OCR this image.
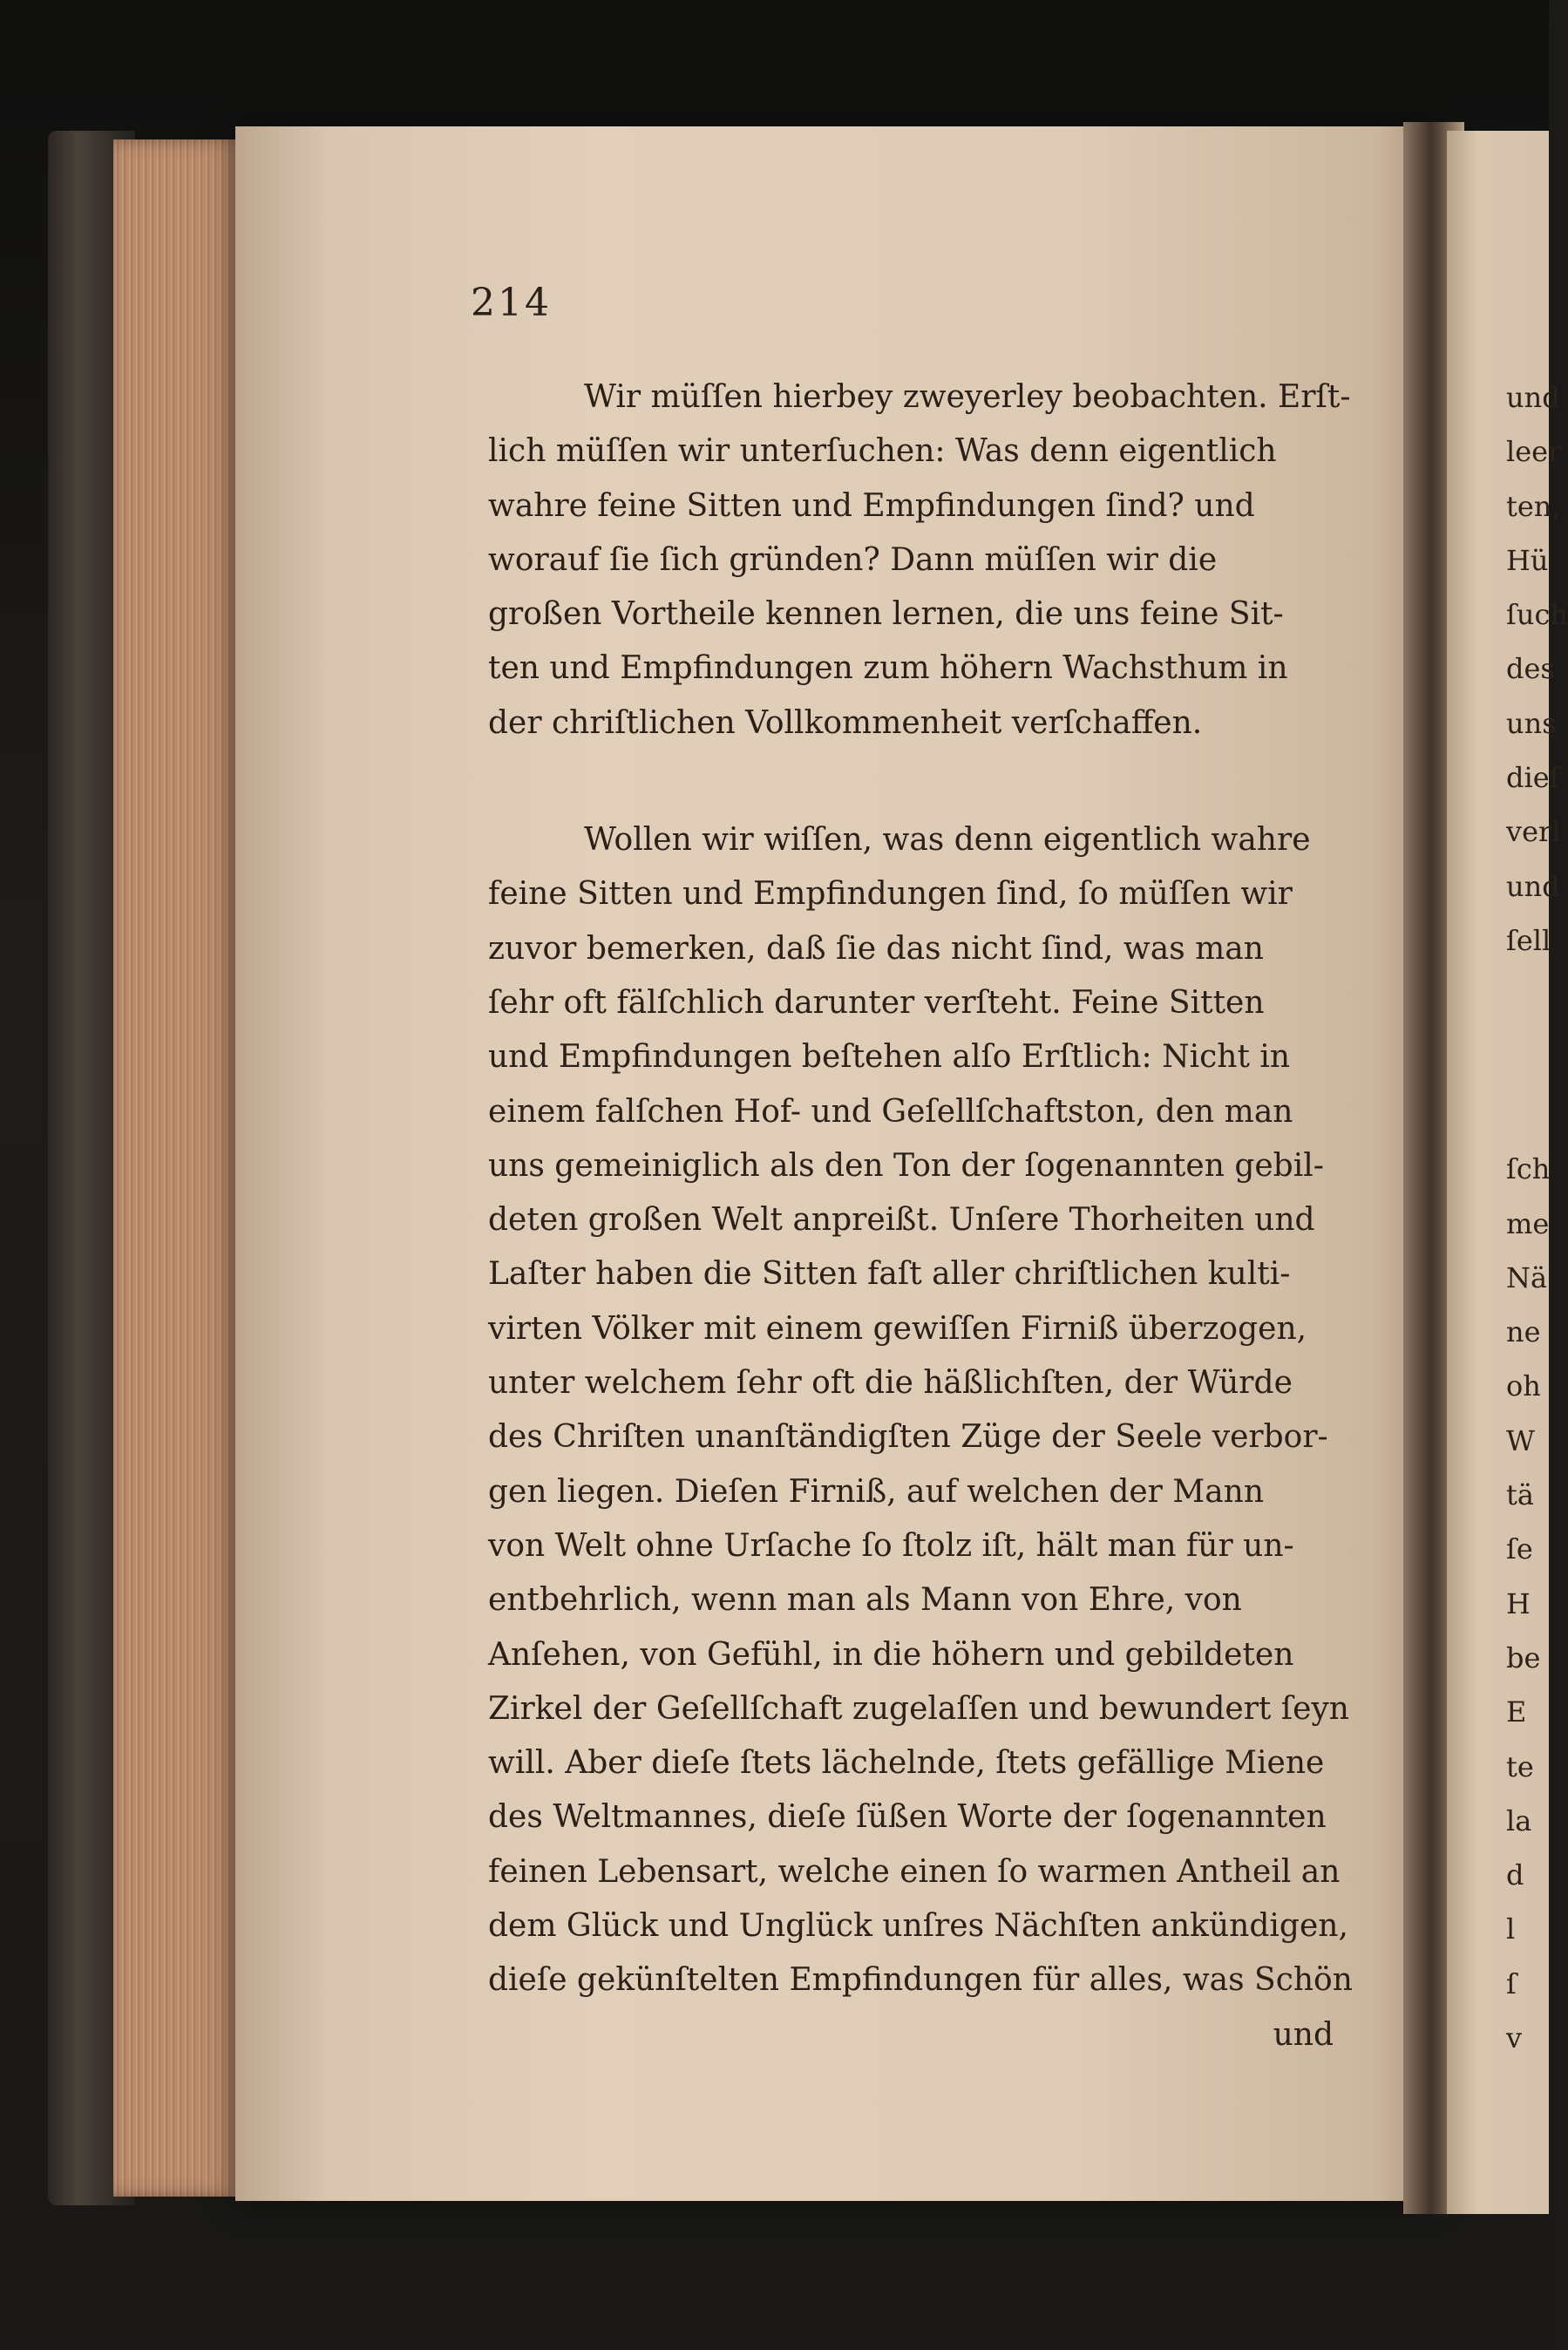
214
Wir müſſen hierbey zweyerley beobachten. Erſt-
lich müſſen wir unterſuchen: Was denn eigentlich
wahre feine Sitten und Empfindungen ſind? und
worauf ſie ſich gründen? Dann müſſen wir die
großen Vortheile kennen lernen, die uns feine Sit-
ten und Empfindungen zum höhern Wachsthum in
der chriſtlichen Vollkommenheit verſchaffen.
Wollen wir wiſſen, was denn eigentlich wahre
feine Sitten und Empfindungen ſind, ſo müſſen wir
zuvor bemerken, daß ſie das nicht ſind, was man
ſehr oft fälſchlich darunter verſteht. Feine Sitten
und Empfindungen beſtehen alſo Erſtlich: Nicht in
einem falſchen Hof- und Geſellſchaftston, den man
uns gemeiniglich als den Ton der ſogenannten gebil-
deten großen Welt anpreißt. Unſere Thorheiten und
Laſter haben die Sitten faſt aller chriſtlichen kulti-
virten Völker mit einem gewiſſen Firniß überzogen,
unter welchem ſehr oft die häßlichſten, der Würde
des Chriſten unanſtändigſten Züge der Seele verbor-
gen liegen. Dieſen Firniß, auf welchen der Mann
von Welt ohne Urſache ſo ſtolz iſt, hält man für un-
entbehrlich, wenn man als Mann von Ehre, von
Anſehen, von Gefühl, in die höhern und gebildeten
Zirkel der Geſellſchaft zugelaſſen und bewundert ſeyn
will. Aber dieſe ſtets lächelnde, ſtets gefällige Miene
des Weltmannes, dieſe ſüßen Worte der ſogenannten
feinen Lebensart, welche einen ſo warmen Antheil an
dem Glück und Unglück unſres Nächſten ankündigen,
dieſe gekünſtelten Empfindungen für alles, was Schön
und
und
leer
ten,
Hü
ſuch
des
uns
dieſ
verl
und
ſell
ſch
me
Nä
ne
oh
W
tä
ſe
H
be
E
te
la
d
l
ſ
v
